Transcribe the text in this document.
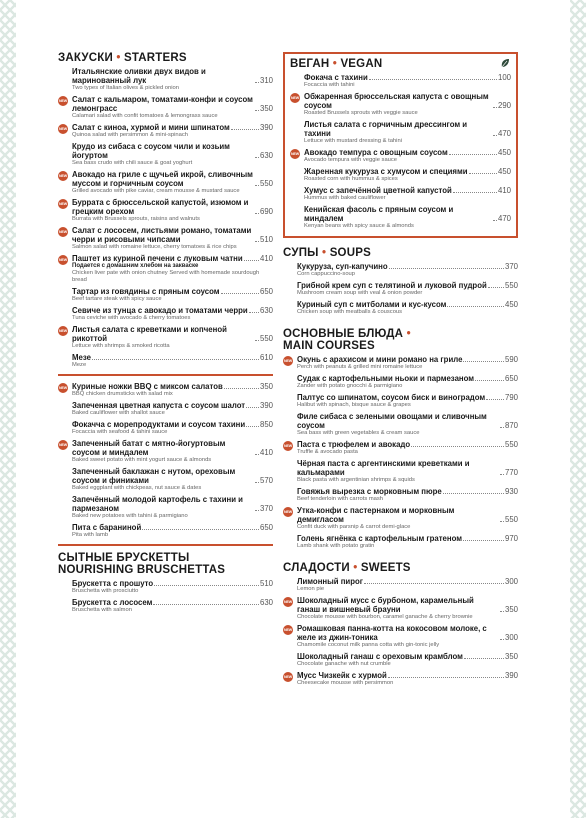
ЗАКУСКИ • STARTERS
Итальянские оливки двух видов и маринованный лук	310
Two types of Italian olives & pickled onion
NEW Салат с кальмаром, томатами-конфи и соусом лемонграсс	350
Calamari salad with confit tomatoes & lemongrass sauce
NEW Салат с киноа, хурмой и мини шпинатом	390
Quinoa salad with persimmon & mini-spinach
Крудо из сибаса с соусом чили и козьим йогуртом	630
Sea bass crudo with chili sauce & goat yoghurt
NEW Авокадо на гриле с щучьей икрой, сливочным муссом и горчичным соусом	550
Grilled avocado with pike caviar, cream mousse & mustard sauce
NEW Буррата с брюссельской капустой, изюмом и грецким орехом	690
Burrata with Brussels sprouts, raisins and walnuts
NEW Салат с лососем, листьями романо, томатами черри и рисовыми чипсами	510
Salmon salad with romaine lettuce, cherry tomatoes & rice chips
NEW Паштет из куриной печени с луковым чатни 410
Подается с домашним хлебом на закваске
Chicken liver pate with onion chutney Served with homemade sourdough bread
Тартар из говядины с пряным соусом	650
Beef tartare steak with spicy sauce
Севиче из тунца с авокадо и томатами черри 630
Tuna ceviche with avocado & cherry tomatoes
NEW Листья салата с креветками и копченой рикоттой	550
Lettuce with shrimps & smoked ricotta
Мезе	610
Meze
NEW Куриные ножки BBQ с миксом салатов	350
BBQ chicken drumsticks with salad mix
Запеченная цветная капуста с соусом шалот 390
Baked cauliflower with shallot sauce
Фокачча с морепродуктами и соусом тахини 850
Focaccia with seafood & tahini sauce
NEW Запеченный батат с мятно-йогуртовым соусом и миндалем	410
Baked sweet potato with mint yogurt sauce & almonds
Запеченный баклажан с нутом, ореховым соусом и финиками	570
Baked eggplant with chickpeas, nut sauce & dates
Запечённый молодой картофель с тахини и пармезаном	370
Baked new potatoes with tahini & parmigiano
Пита с бараниной	650
Pita with lamb
СЫТНЫЕ БРУСКЕТТЫ
NOURISHING BRUSCHETTAS
Брускетта с прошуто	510
Bruschetta with prosciutto
Брускетта с лососем	630
Bruschetta with salmon
ВЕГАН • VEGAN
Фокача с тахини	100
Focaccia with tahini
NEW Обжаренная брюссельская капуста с овощным соусом	290
Roasted Brussels sprouts with veggie sauce
Листья салата с горчичным дрессингом и тахини	470
Lettuce with mustard dressing & tahini
NEW Авокадо темпура с овощным соусом	450
Avocado tempura with veggie sauce
Жаренная кукуруза с хумусом и специями	450
Roasted corn with hummus & spices
Хумус с запечённой цветной капустой	410
Hummus with baked cauliflower
Кенийская фасоль с пряным соусом и миндалем	470
Kenyan beans with spicy sauce & almonds
СУПЫ • SOUPS
Кукуруза, суп-капучино	370
Corn cappuccino-soup
Грибной крем суп с телятиной и луковой пудрой 550
Mushroom cream soup with veal & onion powder
Куриный суп с митболами и кус-кусом	450
Chicken soup with meatballs & couscous
ОСНОВНЫЕ БЛЮДА •
MAIN COURSES
NEW Окунь с арахисом и мини романо на гриле	590
Perch with peanuts & grilled mini romaine lettuce
Судак с картофельными ньоки и пармезаном	650
Zander with potato gnocchi & parmigiano
Палтус со шпинатом, соусом биск и виноградом	790
Halibut with spinach, bisque sauce & grapes
Филе сибаса с зелеными овощами и сливочным соусом	870
Sea bass with green vegetables & cream sauce
NEW Паста с трюфелем и авокадо	550
Truffle & avocado pasta
Чёрная паста с аргентинскими креветками и кальмарами	770
Black pasta with argentinian shrimps & squids
Говяжья вырезка с морковным пюре	930
Beef tenderloin with carrots mash
NEW Утка-конфи с пастернаком и морковным демигласом	550
Confit duck with parsnip & carrot demi-glace
Голень ягнёнка с картофельным гратеном	970
Lamb shank with potato gratin
СЛАДОСТИ • SWEETS
Лимонный пирог	300
Lemon pie
NEW Шоколадный мусс с бурбоном, карамельный ганаш и вишневый брауни	350
Chocolate mousse with bourbon, caramel ganache & cherry brownie
NEW Ромашковая панна-котта на кокосовом молоке, с желе из джин-тоника	300
Chamomile coconut milk panna cotta with gin-tonic jelly
Шоколадный ганаш с ореховым крамблом	350
Chocolate ganache with nut crumble
NEW Мусс Чизкейк с хурмой	390
Cheesecake mousse with persimmon
